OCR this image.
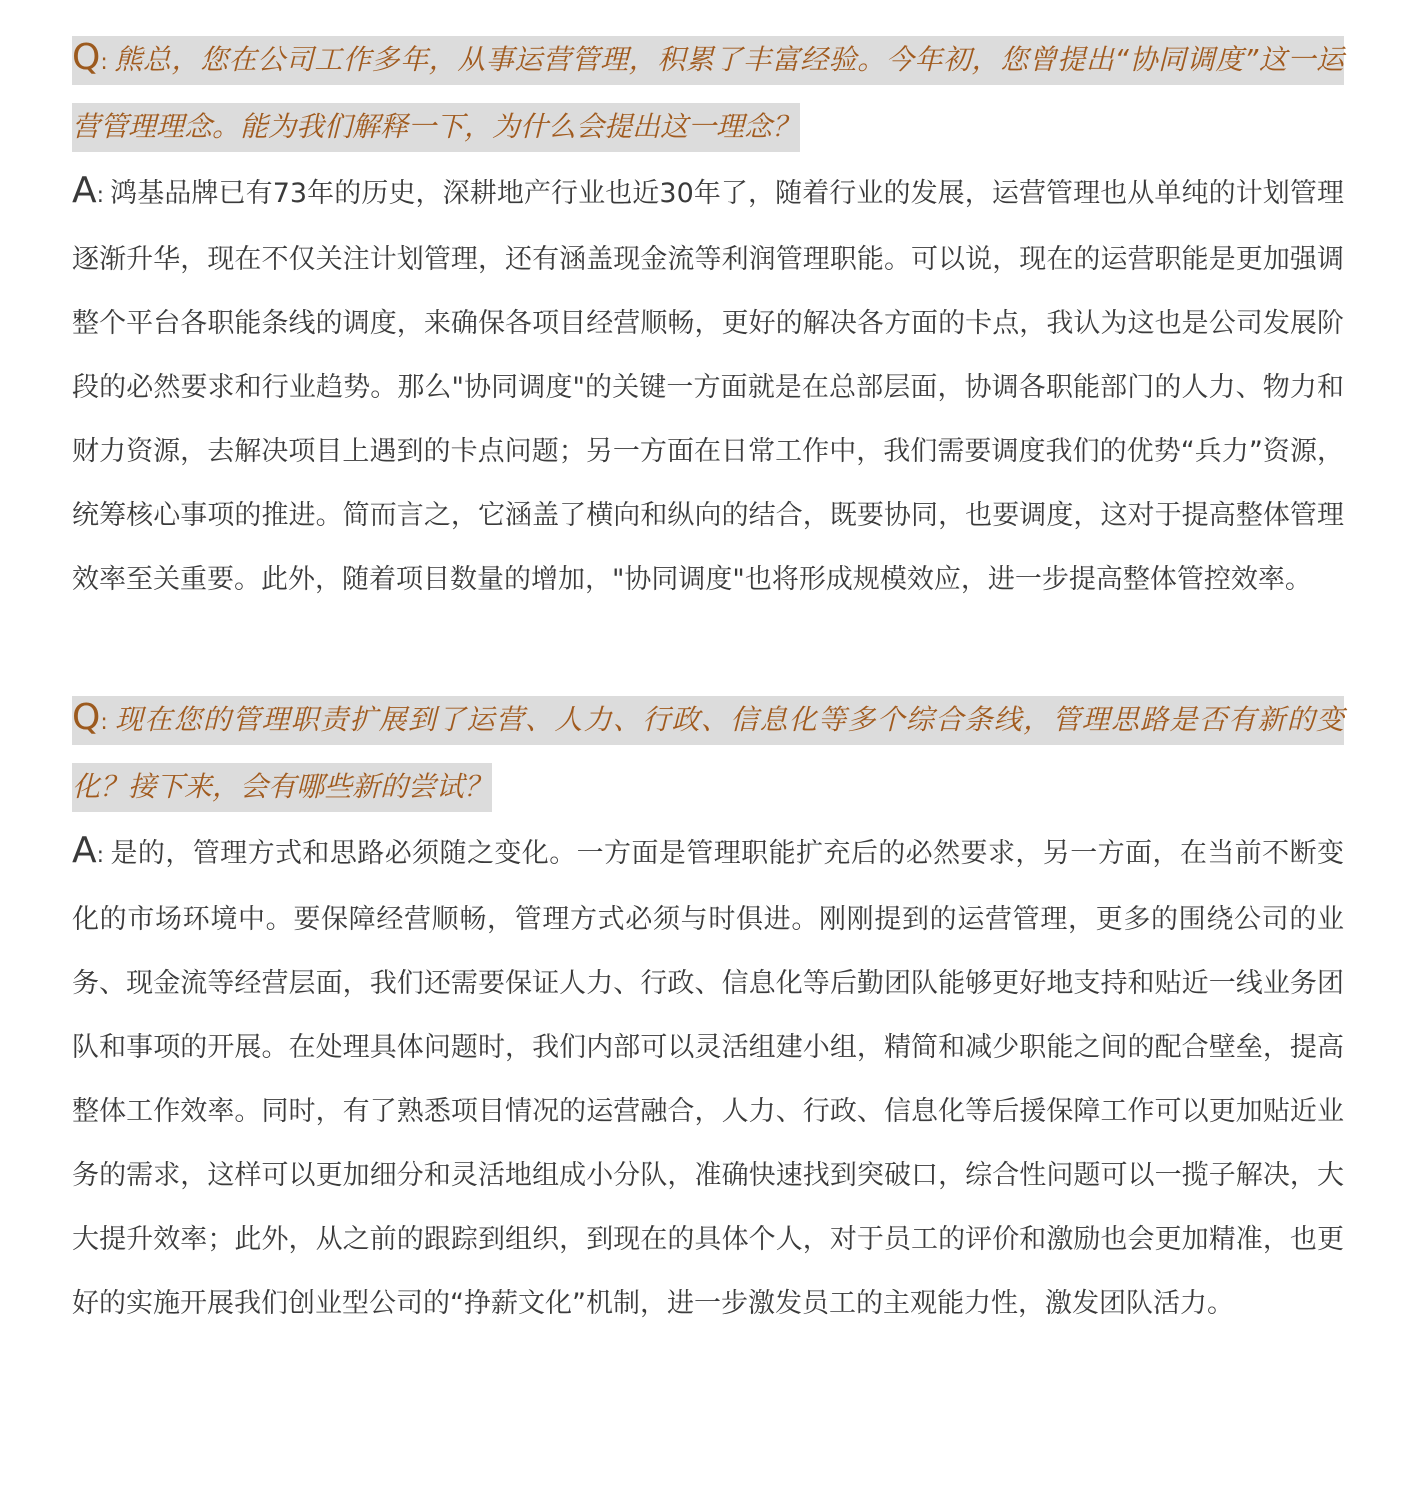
Q: 熊总，您在公司工作多年，从事运营管理，积累了丰富经验。今年初，您曾提出“协同调度”这一运营管理理念。能为我们解释一下，为什么会提出这一理念？

A: 鸿基品牌已有73年的历史，深耕地产行业也近30年了，随着行业的发展，运营管理也从单纯的计划管理逐渐升华，现在不仅关注计划管理，还有涵盖现金流等利润管理职能。可以说，现在的运营职能是更加强调整个平台各职能条线的调度，来确保各项目经营顺畅，更好的解决各方面的卡点，我认为这也是公司发展阶段的必然要求和行业趋势。那么"协同调度"的关键一方面就是在总部层面，协调各职能部门的人力、物力和财力资源，去解决项目上遇到的卡点问题；另一方面在日常工作中，我们需要调度我们的优势“兵力”资源，统筹核心事项的推进。简而言之，它涵盖了横向和纵向的结合，既要协同，也要调度，这对于提高整体管理效率至关重要。此外，随着项目数量的增加，"协同调度"也将形成规模效应，进一步提高整体管控效率。

Q: 现在您的管理职责扩展到了运营、人力、行政、信息化等多个综合条线，管理思路是否有新的变化？接下来，会有哪些新的尝试？

A: 是的，管理方式和思路必须随之变化。一方面是管理职能扩充后的必然要求，另一方面，在当前不断变化的市场环境中。要保障经营顺畅，管理方式必须与时俱进。刚刚提到的运营管理，更多的围绕公司的业务、现金流等经营层面，我们还需要保证人力、行政、信息化等后勤团队能够更好地支持和贴近一线业务团队和事项的开展。在处理具体问题时，我们内部可以灵活组建小组，精简和减少职能之间的配合壁垒，提高整体工作效率。同时，有了熟悉项目情况的运营融合，人力、行政、信息化等后援保障工作可以更加贴近业务的需求，这样可以更加细分和灵活地组成小分队，准确快速找到突破口，综合性问题可以一揽子解决，大大提升效率；此外，从之前的跟踪到组织，到现在的具体个人，对于员工的评价和激励也会更加精准，也更好的实施开展我们创业型公司的“挣薪文化”机制，进一步激发员工的主观能力性，激发团队活力。
